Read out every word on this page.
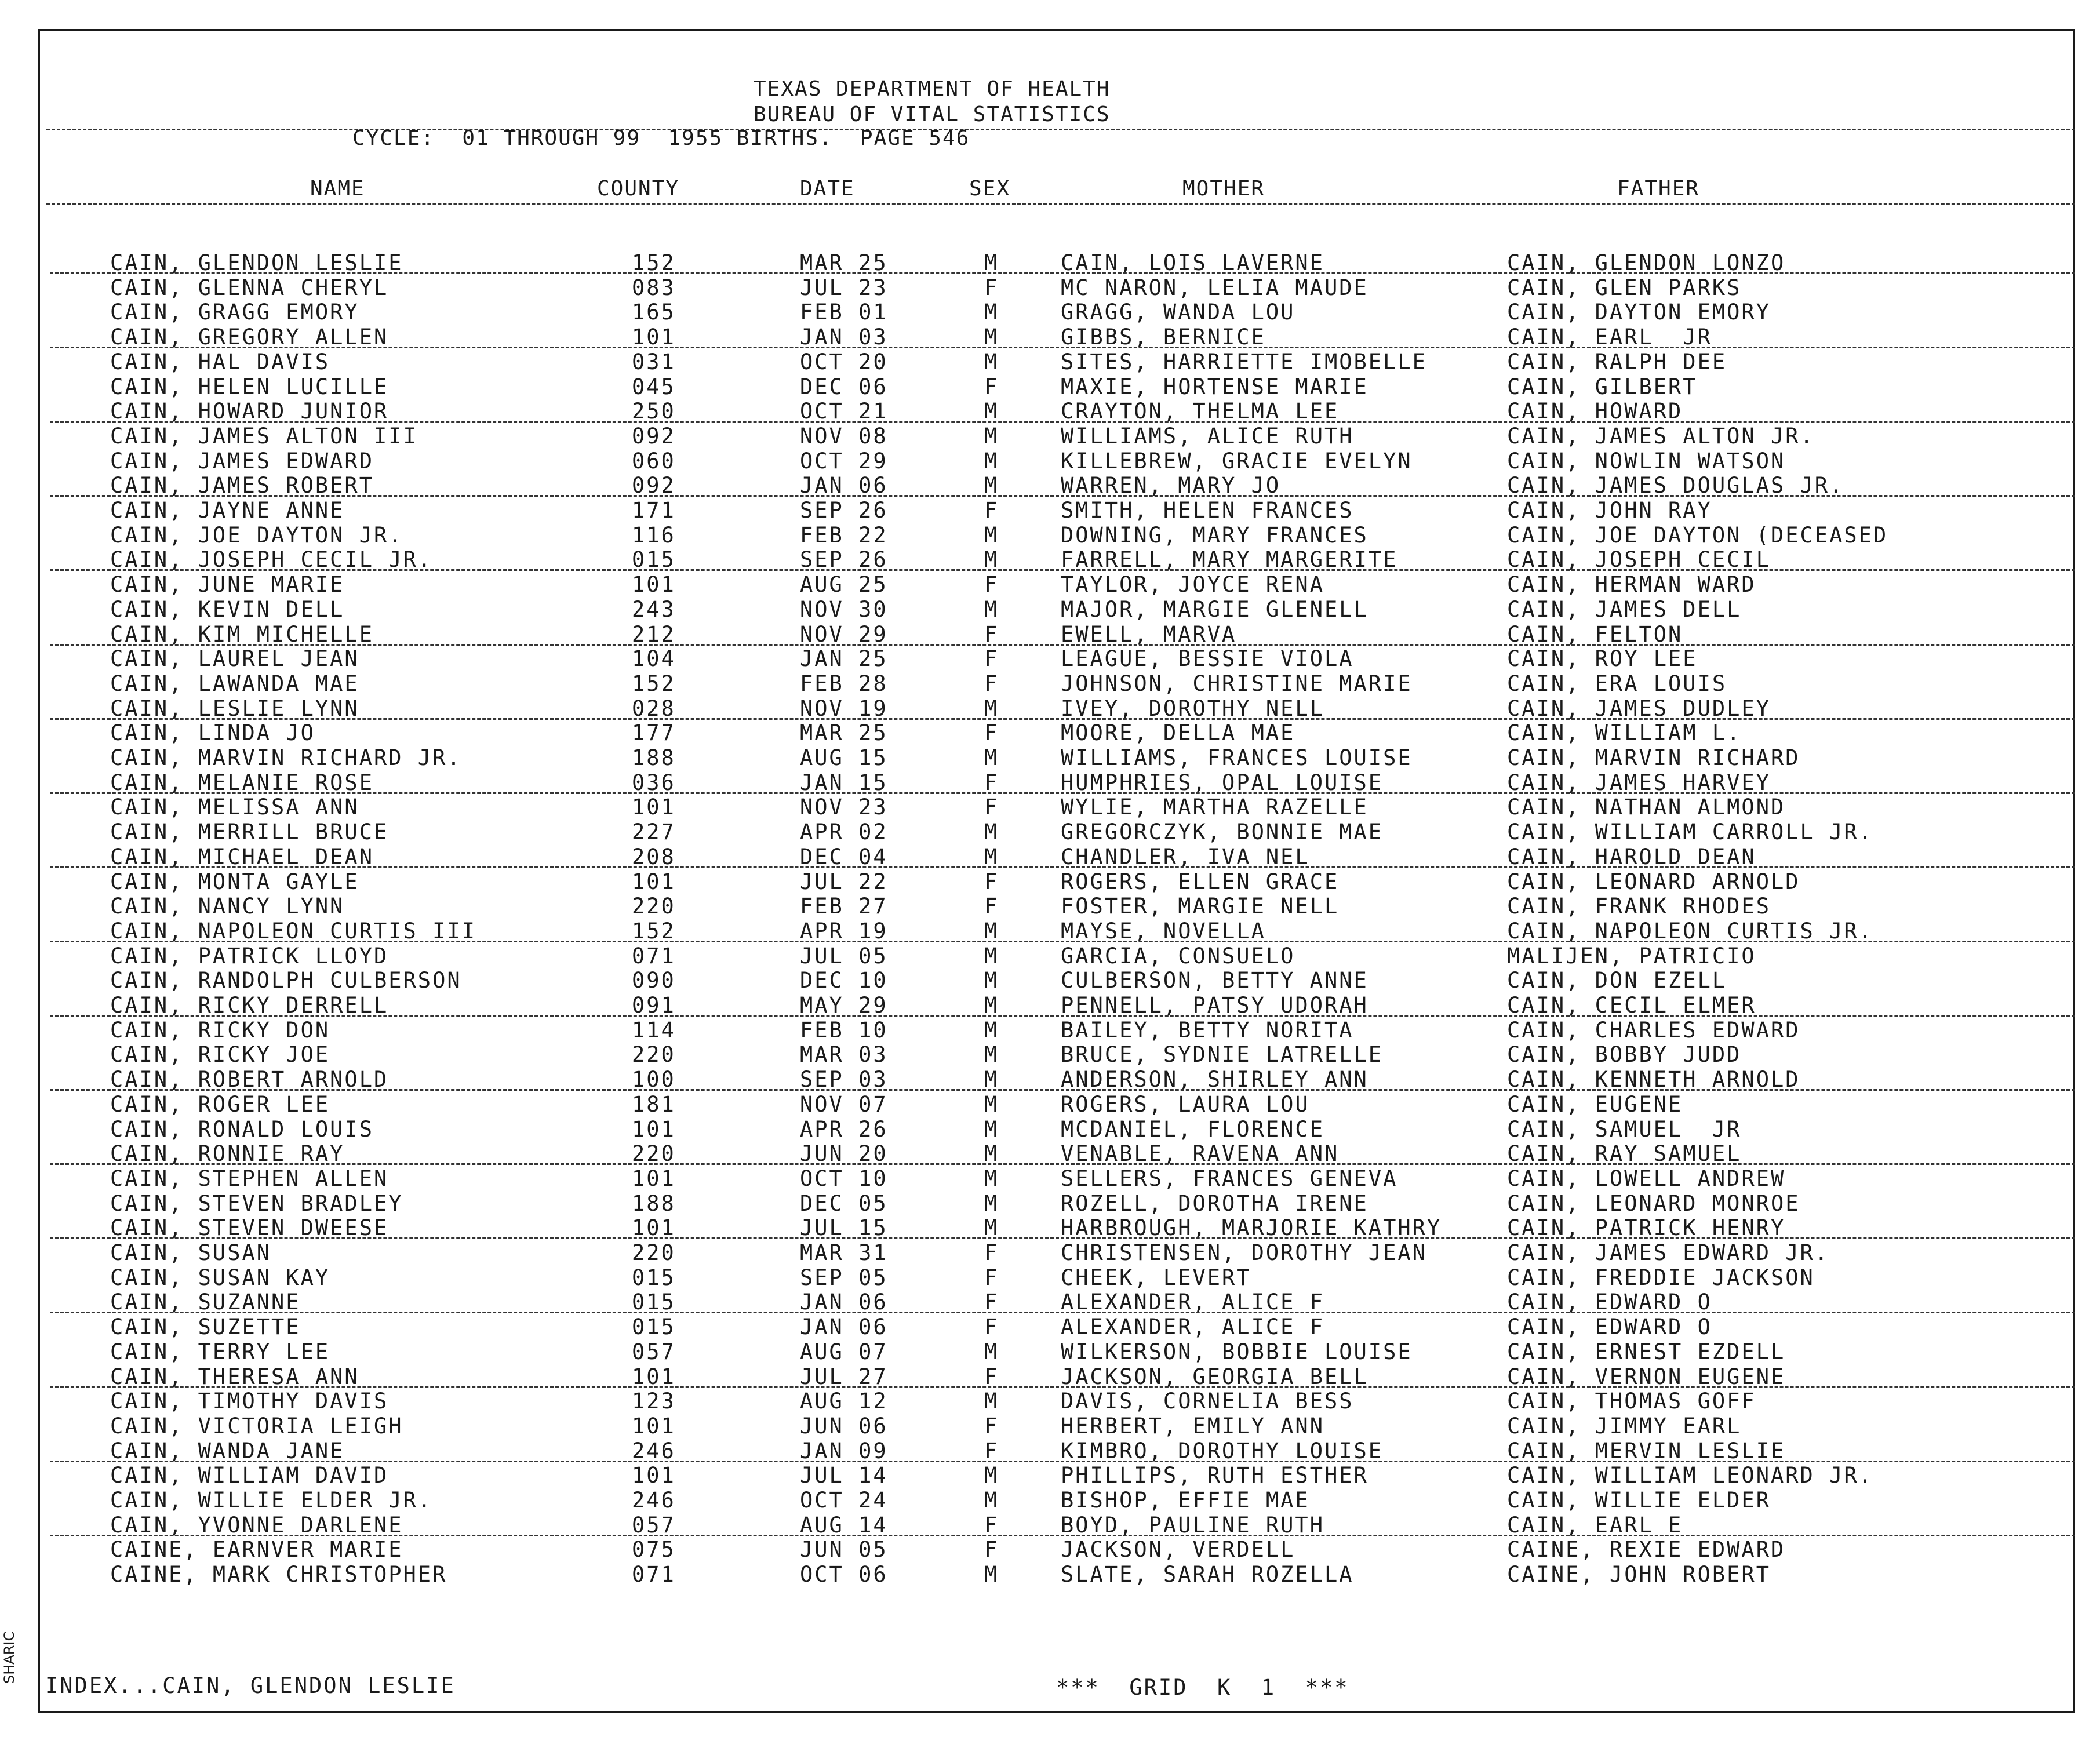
TEXAS DEPARTMENT OF HEALTH
BUREAU OF VITAL STATISTICS
CYCLE:  01 THROUGH 99  1955 BIRTHS.  PAGE 546
NAME	COUNTY	DATE	SEX	MOTHER	FATHER
CAIN, GLENDON LESLIE	152	MAR 25	M	CAIN, LOIS LAVERNE	CAIN, GLENDON LONZO
CAIN, GLENNA CHERYL	083	JUL 23	F	MC NARON, LELIA MAUDE	CAIN, GLEN PARKS
CAIN, GRAGG EMORY	165	FEB 01	M	GRAGG, WANDA LOU	CAIN, DAYTON EMORY
CAIN, GREGORY ALLEN	101	JAN 03	M	GIBBS, BERNICE	CAIN, EARL  JR
CAIN, HAL DAVIS	031	OCT 20	M	SITES, HARRIETTE IMOBELLE	CAIN, RALPH DEE
CAIN, HELEN LUCILLE	045	DEC 06	F	MAXIE, HORTENSE MARIE	CAIN, GILBERT
CAIN, HOWARD JUNIOR	250	OCT 21	M	CRAYTON, THELMA LEE	CAIN, HOWARD
CAIN, JAMES ALTON III	092	NOV 08	M	WILLIAMS, ALICE RUTH	CAIN, JAMES ALTON JR.
CAIN, JAMES EDWARD	060	OCT 29	M	KILLEBREW, GRACIE EVELYN	CAIN, NOWLIN WATSON
CAIN, JAMES ROBERT	092	JAN 06	M	WARREN, MARY JO	CAIN, JAMES DOUGLAS JR.
CAIN, JAYNE ANNE	171	SEP 26	F	SMITH, HELEN FRANCES	CAIN, JOHN RAY
CAIN, JOE DAYTON JR.	116	FEB 22	M	DOWNING, MARY FRANCES	CAIN, JOE DAYTON (DECEASED
CAIN, JOSEPH CECIL JR.	015	SEP 26	M	FARRELL, MARY MARGERITE	CAIN, JOSEPH CECIL
CAIN, JUNE MARIE	101	AUG 25	F	TAYLOR, JOYCE RENA	CAIN, HERMAN WARD
CAIN, KEVIN DELL	243	NOV 30	M	MAJOR, MARGIE GLENELL	CAIN, JAMES DELL
CAIN, KIM MICHELLE	212	NOV 29	F	EWELL, MARVA	CAIN, FELTON
CAIN, LAUREL JEAN	104	JAN 25	F	LEAGUE, BESSIE VIOLA	CAIN, ROY LEE
CAIN, LAWANDA MAE	152	FEB 28	F	JOHNSON, CHRISTINE MARIE	CAIN, ERA LOUIS
CAIN, LESLIE LYNN	028	NOV 19	M	IVEY, DOROTHY NELL	CAIN, JAMES DUDLEY
CAIN, LINDA JO	177	MAR 25	F	MOORE, DELLA MAE	CAIN, WILLIAM L.
CAIN, MARVIN RICHARD JR.	188	AUG 15	M	WILLIAMS, FRANCES LOUISE	CAIN, MARVIN RICHARD
CAIN, MELANIE ROSE	036	JAN 15	F	HUMPHRIES, OPAL LOUISE	CAIN, JAMES HARVEY
CAIN, MELISSA ANN	101	NOV 23	F	WYLIE, MARTHA RAZELLE	CAIN, NATHAN ALMOND
CAIN, MERRILL BRUCE	227	APR 02	M	GREGORCZYK, BONNIE MAE	CAIN, WILLIAM CARROLL JR.
CAIN, MICHAEL DEAN	208	DEC 04	M	CHANDLER, IVA NEL	CAIN, HAROLD DEAN
CAIN, MONTA GAYLE	101	JUL 22	F	ROGERS, ELLEN GRACE	CAIN, LEONARD ARNOLD
CAIN, NANCY LYNN	220	FEB 27	F	FOSTER, MARGIE NELL	CAIN, FRANK RHODES
CAIN, NAPOLEON CURTIS III	152	APR 19	M	MAYSE, NOVELLA	CAIN, NAPOLEON CURTIS JR.
CAIN, PATRICK LLOYD	071	JUL 05	M	GARCIA, CONSUELO	MALIJEN, PATRICIO
CAIN, RANDOLPH CULBERSON	090	DEC 10	M	CULBERSON, BETTY ANNE	CAIN, DON EZELL
CAIN, RICKY DERRELL	091	MAY 29	M	PENNELL, PATSY UDORAH	CAIN, CECIL ELMER
CAIN, RICKY DON	114	FEB 10	M	BAILEY, BETTY NORITA	CAIN, CHARLES EDWARD
CAIN, RICKY JOE	220	MAR 03	M	BRUCE, SYDNIE LATRELLE	CAIN, BOBBY JUDD
CAIN, ROBERT ARNOLD	100	SEP 03	M	ANDERSON, SHIRLEY ANN	CAIN, KENNETH ARNOLD
CAIN, ROGER LEE	181	NOV 07	M	ROGERS, LAURA LOU	CAIN, EUGENE
CAIN, RONALD LOUIS	101	APR 26	M	MCDANIEL, FLORENCE	CAIN, SAMUEL  JR
CAIN, RONNIE RAY	220	JUN 20	M	VENABLE, RAVENA ANN	CAIN, RAY SAMUEL
CAIN, STEPHEN ALLEN	101	OCT 10	M	SELLERS, FRANCES GENEVA	CAIN, LOWELL ANDREW
CAIN, STEVEN BRADLEY	188	DEC 05	M	ROZELL, DOROTHA IRENE	CAIN, LEONARD MONROE
CAIN, STEVEN DWEESE	101	JUL 15	M	HARBROUGH, MARJORIE KATHRY	CAIN, PATRICK HENRY
CAIN, SUSAN	220	MAR 31	F	CHRISTENSEN, DOROTHY JEAN	CAIN, JAMES EDWARD JR.
CAIN, SUSAN KAY	015	SEP 05	F	CHEEK, LEVERT	CAIN, FREDDIE JACKSON
CAIN, SUZANNE	015	JAN 06	F	ALEXANDER, ALICE F	CAIN, EDWARD O
CAIN, SUZETTE	015	JAN 06	F	ALEXANDER, ALICE F	CAIN, EDWARD O
CAIN, TERRY LEE	057	AUG 07	M	WILKERSON, BOBBIE LOUISE	CAIN, ERNEST EZDELL
CAIN, THERESA ANN	101	JUL 27	F	JACKSON, GEORGIA BELL	CAIN, VERNON EUGENE
CAIN, TIMOTHY DAVIS	123	AUG 12	M	DAVIS, CORNELIA BESS	CAIN, THOMAS GOFF
CAIN, VICTORIA LEIGH	101	JUN 06	F	HERBERT, EMILY ANN	CAIN, JIMMY EARL
CAIN, WANDA JANE	246	JAN 09	F	KIMBRO, DOROTHY LOUISE	CAIN, MERVIN LESLIE
CAIN, WILLIAM DAVID	101	JUL 14	M	PHILLIPS, RUTH ESTHER	CAIN, WILLIAM LEONARD JR.
CAIN, WILLIE ELDER JR.	246	OCT 24	M	BISHOP, EFFIE MAE	CAIN, WILLIE ELDER
CAIN, YVONNE DARLENE	057	AUG 14	F	BOYD, PAULINE RUTH	CAIN, EARL E
CAINE, EARNVER MARIE	075	JUN 05	F	JACKSON, VERDELL	CAINE, REXIE EDWARD
CAINE, MARK CHRISTOPHER	071	OCT 06	M	SLATE, SARAH ROZELLA	CAINE, JOHN ROBERT
INDEX...CAIN, GLENDON LESLIE	***  GRID  K  1  ***
SHARIC
